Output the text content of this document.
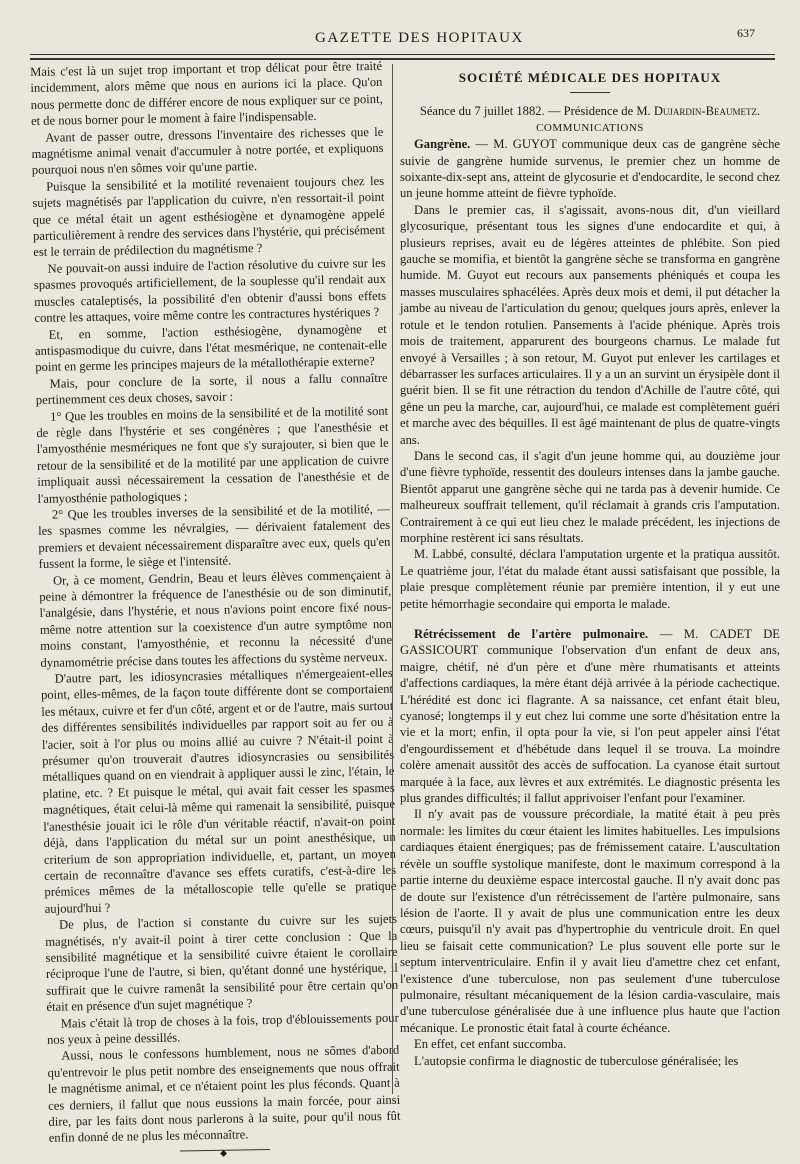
GAZETTE DES HOPITAUX	637

Mais c'est là un sujet trop important et trop délicat pour être traité incidemment, alors même que nous en aurions ici la place. Qu'on nous permette donc de différer encore de nous expliquer sur ce point, et de nous borner pour le moment à faire l'indispensable.

Avant de passer outre, dressons l'inventaire des richesses que le magnétisme animal venait d'accumuler à notre portée, et expliquons pourquoi nous n'en sômes voir qu'une partie.

Puisque la sensibilité et la motilité revenaient toujours chez les sujets magnétisés par l'application du cuivre, n'en ressortait-il point que ce métal était un agent esthésiogène et dynamogène appelé particulièrement à rendre des services dans l'hystérie, qui précisément est le terrain de prédilection du magnétisme ?

Ne pouvait-on aussi induire de l'action résolutive du cuivre sur les spasmes provoqués artificiellement, de la souplesse qu'il rendait aux muscles cataleptisés, la possibilité d'en obtenir d'aussi bons effets contre les attaques, voire même contre les contractures hystériques ?

Et, en somme, l'action esthésiogène, dynamogène et antispasmodique du cuivre, dans l'état mesmérique, ne contenait-elle point en germe les principes majeurs de la métallothérapie externe?

Mais, pour conclure de la sorte, il nous a fallu connaître pertinemment ces deux choses, savoir :

1° Que les troubles en moins de la sensibilité et de la motilité sont de règle dans l'hystérie et ses congénères ; que l'anesthésie et l'amyosthénie mesmériques ne font que s'y surajouter, si bien que le retour de la sensibilité et de la motilité par une application de cuivre impliquait aussi nécessairement la cessation de l'anesthésie et de l'amyosthénie pathologiques ;

2° Que les troubles inverses de la sensibilité et de la motilité, — les spasmes comme les névralgies, — dérivaient fatalement des premiers et devaient nécessairement disparaître avec eux, quels qu'en fussent la forme, le siège et l'intensité.

Or, à ce moment, Gendrin, Beau et leurs élèves commençaient à peine à démontrer la fréquence de l'anesthésie ou de son diminutif, l'analgésie, dans l'hystérie, et nous n'avions point encore fixé nous-même notre attention sur la coexistence d'un autre symptôme non moins constant, l'amyosthénie, et reconnu la nécessité d'une dynamométrie précise dans toutes les affections du système nerveux.

D'autre part, les idiosyncrasies métalliques n'émergeaient-elles point, elles-mêmes, de la façon toute différente dont se comportaient les métaux, cuivre et fer d'un côté, argent et or de l'autre, mais surtout des différentes sensibilités individuelles par rapport soit au fer ou à l'acier, soit à l'or plus ou moins allié au cuivre ? N'était-il point à présumer qu'on trouverait d'autres idiosyncrasies ou sensibilités métalliques quand on en viendrait à appliquer aussi le zinc, l'étain, le platine, etc. ? Et puisque le métal, qui avait fait cesser les spasmes magnétiques, était celui-là même qui ramenait la sensibilité, puisque l'anesthésie jouait ici le rôle d'un véritable réactif, n'avait-on point déjà, dans l'application du métal sur un point anesthésique, un criterium de son appropriation individuelle, et, partant, un moyen certain de reconnaître d'avance ses effets curatifs, c'est-à-dire les prémices mêmes de la métalloscopie telle qu'elle se pratique aujourd'hui ?

De plus, de l'action si constante du cuivre sur les sujets magnétisés, n'y avait-il point à tirer cette conclusion : Que la sensibilité magnétique et la sensibilité cuivre étaient le corollaire réciproque l'une de l'autre, si bien, qu'étant donné une hystérique, il suffirait que le cuivre ramenât la sensibilité pour être certain qu'on était en présence d'un sujet magnétique ?

Mais c'était là trop de choses à la fois, trop d'éblouissements pour nos yeux à peine dessillés.

Aussi, nous le confessons humblement, nous ne sômes d'abord qu'entrevoir le plus petit nombre des enseignements que nous offrait le magnétisme animal, et ce n'étaient point les plus féconds. Quant à ces derniers, il fallut que nous eussions la main forcée, pour ainsi dire, par les faits dont nous parlerons à la suite, pour qu'il nous fût enfin donné de ne plus les méconnaître.

◆
SOCIÉTÉ MÉDICALE DES HOPITAUX

Séance du 7 juillet 1882. — Présidence de M. Dujardin-Beaumetz.

COMMUNICATIONS

Gangrène. — M. GUYOT communique deux cas de gangrène sèche suivie de gangrène humide survenus, le premier chez un homme de soixante-dix-sept ans, atteint de glycosurie et d'endocardite, le second chez un jeune homme atteint de fièvre typhoïde.

Dans le premier cas, il s'agissait, avons-nous dit, d'un vieillard glycosurique, présentant tous les signes d'une endocardite et qui, à plusieurs reprises, avait eu de légères atteintes de phlébite. Son pied gauche se momifia, et bientôt la gangrène sèche se transforma en gangrène humide. M. Guyot eut recours aux pansements phéniqués et coupa les masses musculaires sphacélées. Après deux mois et demi, il put détacher la jambe au niveau de l'articulation du genou; quelques jours après, enlever la rotule et le tendon rotulien. Pansements à l'acide phénique. Après trois mois de traitement, apparurent des bourgeons charnus. Le malade fut envoyé à Versailles ; à son retour, M. Guyot put enlever les cartilages et débarrasser les surfaces articulaires. Il y a un an survint un érysipèle dont il guérit bien. Il se fit une rétraction du tendon d'Achille de l'autre côté, qui gêne un peu la marche, car, aujourd'hui, ce malade est complètement guéri et marche avec des béquilles. Il est âgé maintenant de plus de quatre-vingts ans.

Dans le second cas, il s'agit d'un jeune homme qui, au douzième jour d'une fièvre typhoïde, ressentit des douleurs intenses dans la jambe gauche. Bientôt apparut une gangrène sèche qui ne tarda pas à devenir humide. Ce malheureux souffrait tellement, qu'il réclamait à grands cris l'amputation. Contrairement à ce qui eut lieu chez le malade précédent, les injections de morphine restèrent ici sans résultats.

M. Labbé, consulté, déclara l'amputation urgente et la pratiqua aussitôt. Le quatrième jour, l'état du malade étant aussi satisfaisant que possible, la plaie presque complètement réunie par première intention, il y eut une petite hémorrhagie secondaire qui emporta le malade.

Rétrécissement de l'artère pulmonaire. — M. CADET DE GASSICOURT communique l'observation d'un enfant de deux ans, maigre, chétif, né d'un père et d'une mère rhumatisants et atteints d'affections cardiaques, la mère étant déjà arrivée à la période cachectique. L'hérédité est donc ici flagrante. A sa naissance, cet enfant était bleu, cyanosé; longtemps il y eut chez lui comme une sorte d'hésitation entre la vie et la mort; enfin, il opta pour la vie, si l'on peut appeler ainsi l'état d'engourdissement et d'hébétude dans lequel il se trouva. La moindre colère amenait aussitôt des accès de suffocation. La cyanose était surtout marquée à la face, aux lèvres et aux extrémités. Le diagnostic présenta les plus grandes difficultés; il fallut apprivoiser l'enfant pour l'examiner.

Il n'y avait pas de voussure précordiale, la matité était à peu près normale: les limites du cœur étaient les limites habituelles. Les impulsions cardiaques étaient énergiques; pas de frémissement cataire. L'auscultation révèle un souffle systolique manifeste, dont le maximum correspond à la partie interne du deuxième espace intercostal gauche. Il n'y avait donc pas de doute sur l'existence d'un rétrécissement de l'artère pulmonaire, sans lésion de l'aorte. Il y avait de plus une communication entre les deux cœurs, puisqu'il n'y avait pas d'hypertrophie du ventricule droit. En quel lieu se faisait cette communication? Le plus souvent elle porte sur le septum interventriculaire. Enfin il y avait lieu d'amettre chez cet enfant, l'existence d'une tuberculose, non pas seulement d'une tuberculose pulmonaire, résultant mécaniquement de la lésion cardia-vasculaire, mais d'une tuberculose généralisée due à une influence plus haute que l'action mécanique. Le pronostic était fatal à courte échéance.

En effet, cet enfant succomba.

L'autopsie confirma le diagnostic de tuberculose généralisée; les
